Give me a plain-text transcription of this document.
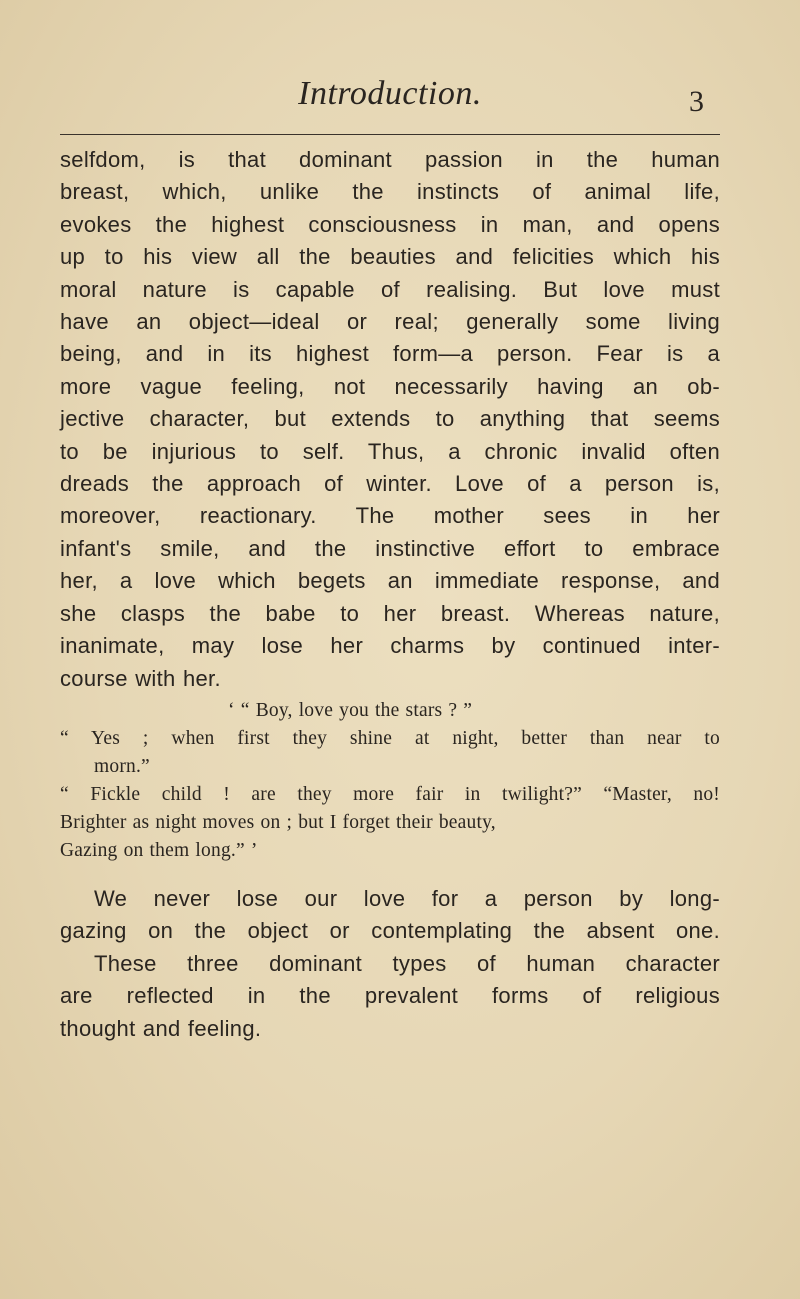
Introduction.	3

selfdom, is that dominant passion in the human
breast, which, unlike the instincts of animal life,
evokes the highest consciousness in man, and opens
up to his view all the beauties and felicities which his
moral nature is capable of realising. But love must
have an object—ideal or real; generally some living
being, and in its highest form—a person. Fear is a
more vague feeling, not necessarily having an ob-
jective character, but extends to anything that seems
to be injurious to self. Thus, a chronic invalid often
dreads the approach of winter. Love of a person is,
moreover, reactionary. The mother sees in her
infant's smile, and the instinctive effort to embrace
her, a love which begets an immediate response, and
she clasps the babe to her breast. Whereas nature,
inanimate, may lose her charms by continued inter-
course with her.

‘ “ Boy, love you the stars ? ”
“ Yes ; when first they shine at night, better than near to
morn.”
“ Fickle child ! are they more fair in twilight?” “Master, no!
Brighter as night moves on ; but I forget their beauty,
Gazing on them long.” ’

We never lose our love for a person by long-
gazing on the object or contemplating the absent one.
These three dominant types of human character
are reflected in the prevalent forms of religious
thought and feeling.
